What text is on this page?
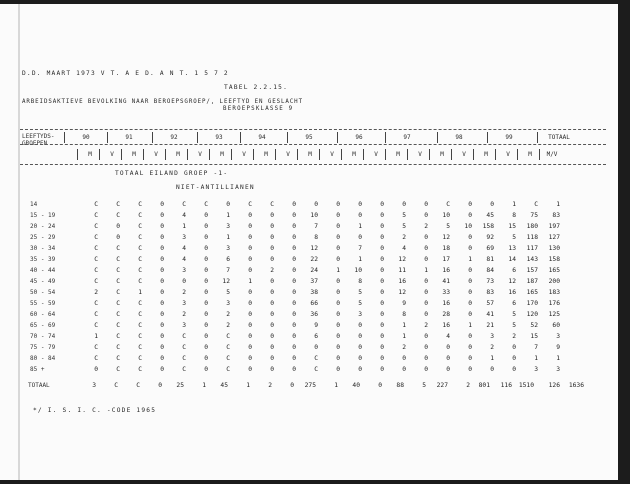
D.D. MAART 1973 V T. A E D. A N T. 1 5 7 2
TABEL 2.2.15.
ARBEIDSAKTIEVE BEVOLKING NAAR BEROEPSGROEP/, LEEFTYD EN GESLACHT
BEROEPSKLASSE 9
LEEFTYDS-
GROEPEN
90	91	92	93	94	95	96	97	98	99	TOTAAL
M	V	M	V	M	V	M	V	M	V	M	V	M	V	M	V	M	V	M	V	M	M/V
TOTAAL EILAND GROEP -1-
NIET-ANTILLIANEN
14	C	C	C	0	C	C	0	C	C	0	0	0	0	0	0	0	C	0	0	1	C	1
15 - 19	C	C	C	0	4	0	1	0	0	0	10	0	0	0	5	0	10	0	45	8	75	83
20 - 24	C	0	C	0	1	0	3	0	0	0	7	0	1	0	5	2	5	10	158	15	180	197
25 - 29	C	0	C	0	3	0	1	0	0	0	8	0	0	0	2	0	12	0	92	5	118	127
30 - 34	C	C	C	0	4	0	3	0	0	0	12	0	7	0	4	0	18	0	69	13	117	130
35 - 39	C	C	C	0	4	0	6	0	0	0	22	0	1	0	12	0	17	1	81	14	143	158
40 - 44	C	C	C	0	3	0	7	0	2	0	24	1	10	0	11	1	16	0	84	6	157	165
45 - 49	C	C	C	0	0	0	12	1	0	0	37	0	8	0	16	0	41	0	73	12	187	200
50 - 54	2	C	1	0	2	0	5	0	0	0	38	0	5	0	12	0	33	0	83	16	165	183
55 - 59	C	C	C	0	3	0	3	0	0	0	66	0	5	0	9	0	16	0	57	6	170	176
60 - 64	C	C	C	0	2	0	2	0	0	0	36	0	3	0	8	0	28	0	41	5	120	125
65 - 69	C	C	C	0	3	0	2	0	0	0	9	0	0	0	1	2	16	1	21	5	52	60
70 - 74	1	C	C	0	C	0	C	0	0	0	6	0	0	0	1	0	4	0	3	2	15	3
75 - 79	C	C	C	0	C	0	C	0	0	0	0	0	0	0	2	0	0	0	2	0	7	9
80 - 84	C	C	C	0	C	0	C	0	0	0	C	0	0	0	0	0	0	0	1	0	1	1
85 +	0	C	C	0	C	0	C	0	0	0	C	0	0	0	0	0	0	0	0	0	3	3
TOTAAL	3	C	C	0	25	1	45	1	2	0	275	1	40	0	88	5	227	2	801	116	1510	126	1636
*/ I. S. I. C. -CODE 1965
